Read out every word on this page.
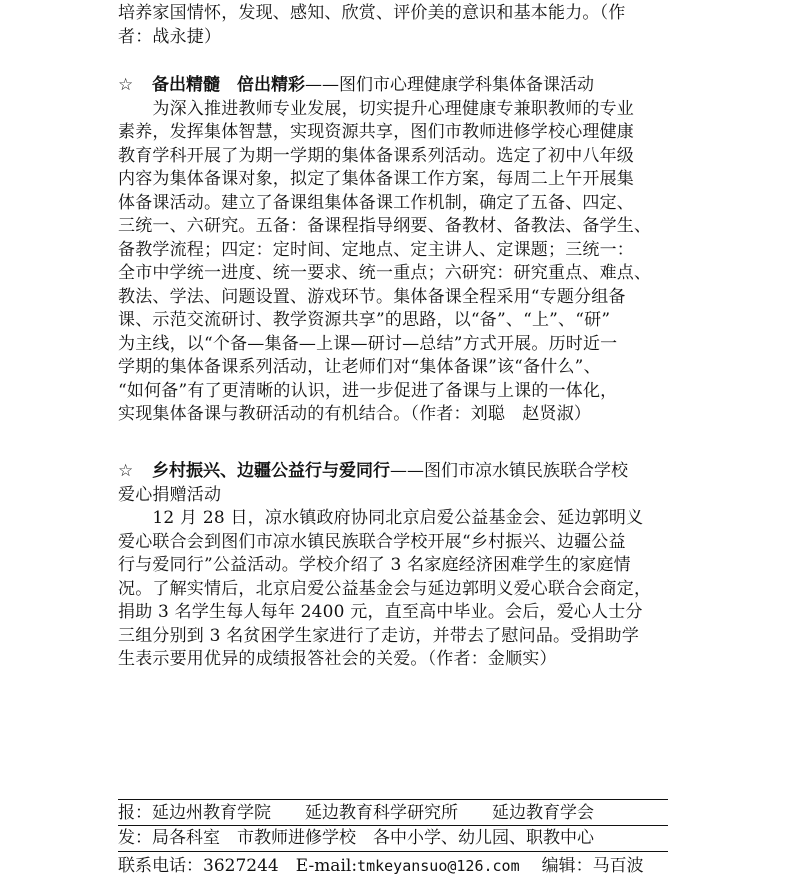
培养家国情怀，发现、感知、欣赏、评价美的意识和基本能力。（作
者：战永捷）
☆ 备出精髓　倍出精彩——图们市心理健康学科集体备课活动
　　为深入推进教师专业发展，切实提升心理健康专兼职教师的专业
素养，发挥集体智慧，实现资源共享，图们市教师进修学校心理健康
教育学科开展了为期一学期的集体备课系列活动。选定了初中八年级
内容为集体备课对象，拟定了集体备课工作方案，每周二上午开展集
体备课活动。建立了备课组集体备课工作机制，确定了五备、四定、
三统一、六研究。五备：备课程指导纲要、备教材、备教法、备学生、
备教学流程；四定：定时间、定地点、定主讲人、定课题；三统一：
全市中学统一进度、统一要求、统一重点；六研究：研究重点、难点、
教法、学法、问题设置、游戏环节。集体备课全程采用“专题分组备
课、示范交流研讨、教学资源共享”的思路，以“备”、“上”、“研”
为主线，以“个备—集备—上课—研讨—总结”方式开展。历时近一
学期的集体备课系列活动，让老师们对“集体备课”该“备什么”、
“如何备”有了更清晰的认识，进一步促进了备课与上课的一体化，
实现集体备课与教研活动的有机结合。（作者：刘聪　赵贤淑）
☆ 乡村振兴、边疆公益行与爱同行——图们市凉水镇民族联合学校
爱心捐赠活动
　　12 月 28 日，凉水镇政府协同北京启爱公益基金会、延边郭明义
爱心联合会到图们市凉水镇民族联合学校开展“乡村振兴、边疆公益
行与爱同行”公益活动。学校介绍了 3 名家庭经济困难学生的家庭情
况。了解实情后，北京启爱公益基金会与延边郭明义爱心联合会商定，
捐助 3 名学生每人每年 2400 元，直至高中毕业。会后，爱心人士分
三组分别到 3 名贫困学生家进行了走访，并带去了慰问品。受捐助学
生表示要用优异的成绩报答社会的关爱。（作者：金顺实）
报：延边州教育学院 延边教育科学研究所 延边教育学会
发：局各科室 市教师进修学校 各中小学、幼儿园、职教中心
联系电话：3627244 E-mail:tmkeyansuo@126.com 编辑：马百波
